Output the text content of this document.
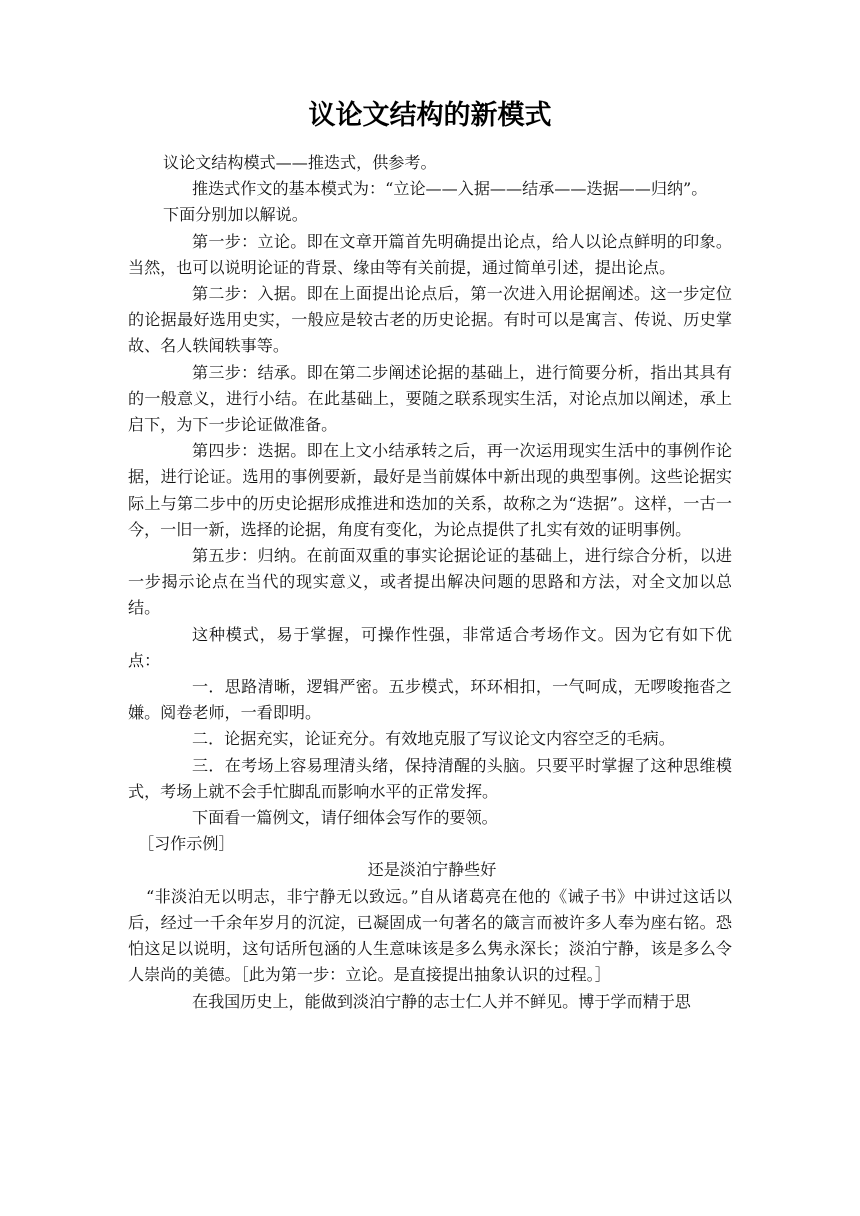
议论文结构的新模式

议论文结构模式——推迭式，供参考。

推迭式作文的基本模式为：“立论——入据——结承——迭据——归纳”。

下面分别加以解说。

第一步：立论。即在文章开篇首先明确提出论点，给人以论点鲜明的印象。当然，也可以说明论证的背景、缘由等有关前提，通过简单引述，提出论点。

第二步：入据。即在上面提出论点后，第一次进入用论据阐述。这一步定位的论据最好选用史实，一般应是较古老的历史论据。有时可以是寓言、传说、历史掌故、名人轶闻轶事等。

第三步：结承。即在第二步阐述论据的基础上，进行简要分析，指出其具有的一般意义，进行小结。在此基础上，要随之联系现实生活，对论点加以阐述，承上启下，为下一步论证做准备。

第四步：迭据。即在上文小结承转之后，再一次运用现实生活中的事例作论据，进行论证。选用的事例要新，最好是当前媒体中新出现的典型事例。这些论据实际上与第二步中的历史论据形成推进和迭加的关系，故称之为“迭据”。这样，一古一今，一旧一新，选择的论据，角度有变化，为论点提供了扎实有效的证明事例。

第五步：归纳。在前面双重的事实论据论证的基础上，进行综合分析，以进一步揭示论点在当代的现实意义，或者提出解决问题的思路和方法，对全文加以总结。

这种模式，易于掌握，可操作性强，非常适合考场作文。因为它有如下优点：

一．思路清晰，逻辑严密。五步模式，环环相扣，一气呵成，无啰唆拖沓之嫌。阅卷老师，一看即明。

二．论据充实，论证充分。有效地克服了写议论文内容空乏的毛病。

三．在考场上容易理清头绪，保持清醒的头脑。只要平时掌握了这种思维模式，考场上就不会手忙脚乱而影响水平的正常发挥。

下面看一篇例文，请仔细体会写作的要领。

［习作示例］

还是淡泊宁静些好

“非淡泊无以明志，非宁静无以致远。”自从诸葛亮在他的《诫子书》中讲过这话以后，经过一千余年岁月的沉淀，已凝固成一句著名的箴言而被许多人奉为座右铭。恐怕这足以说明，这句话所包涵的人生意味该是多么隽永深长；淡泊宁静，该是多么令人崇尚的美德。［此为第一步：立论。是直接提出抽象认识的过程。］

在我国历史上，能做到淡泊宁静的志士仁人并不鲜见。博于学而精于思
